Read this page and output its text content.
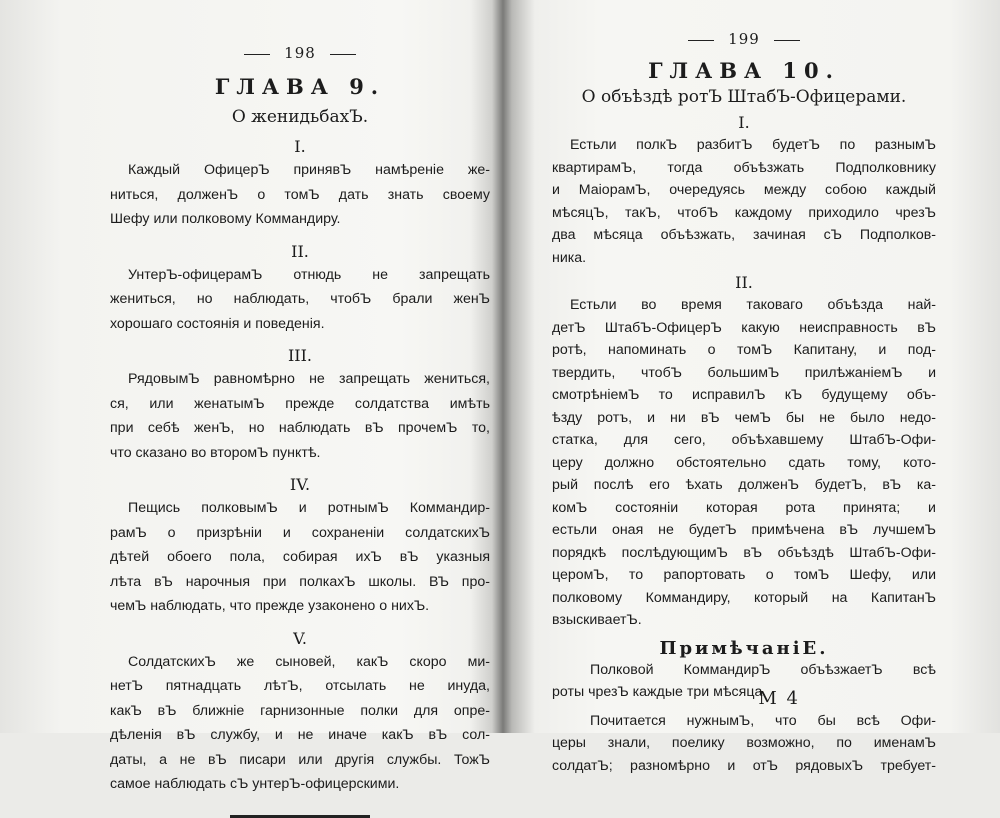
198
ГЛАВА 9.
О женидьбахЪ.
I.
Каждый ОфицерЪ принявЪ намѣреніе же-
ниться, долженЪ о томЪ дать знать своему
Шефу или полковому Коммандиру.
II.
УнтерЪ-офицерамЪ отнюдь не запрещать
жениться, но наблюдать, чтобЪ брали женЪ
хорошаго состоянія и поведенія.
III.
РядовымЪ равномѣрно не запрещать жениться,
ся, или женатымЪ прежде солдатства имѣть
при себѣ женЪ, но наблюдать вЪ прочемЪ то,
что сказано во второмЪ пунктѣ.
IV.
Пещись полковымЪ и ротнымЪ Коммандир-
рамЪ о призрѣніи и сохраненіи солдатскихЪ
дѣтей обоего пола, собирая ихЪ вЪ указныя
лѣта вЪ нарочныя при полкахЪ школы. ВЪ про-
чемЪ наблюдать, что прежде узаконено о нихЪ.
V.
СолдатскихЪ же сыновей, какЪ скоро ми-
нетЪ пятнадцать лѣтЪ, отсылать не инуда,
какЪ вЪ ближніе гарнизонные полки для опре-
дѣленія вЪ службу, и не иначе какЪ вЪ сол-
даты, а не вЪ писари или другія службы. ТожЪ
самое наблюдать сЪ унтерЪ-офицерскими.
199
ГЛАВА 10.
О объѣздѣ ротЪ ШтабЪ-Офицерами.
I.
Естьли полкЪ разбитЪ будетЪ по разнымЪ
квартирамЪ, тогда объѣзжать Подполковнику
и МаіорамЪ, очередуясь между собою каждый
мѣсяцЪ, такЪ, чтобЪ каждому приходило чрезЪ
два мѣсяца объѣзжать, зачиная сЪ Подполков-
ника.
II.
Естьли во время таковаго объѣзда най-
детЪ ШтабЪ-ОфицерЪ какую неисправность вЪ
ротѣ, напоминать о томЪ Капитану, и под-
твердить, чтобЪ большимЪ прилѣжаніемЪ и
смотрѣніемЪ то исправилЪ кЪ будущему объ-
ѣзду ротъ, и ни вЪ чемЪ бы не было недо-
статка, для сего, объѣхавшему ШтабЪ-Офи-
церу должно обстоятельно сдать тому, кото-
рый послѣ его ѣхать долженЪ будетЪ, вЪ ка-
комЪ состояніи которая рота принята; и
естьли оная не будетЪ примѣчена вЪ лучшемЪ
порядкѣ послѣдующимЪ вЪ объѣздѣ ШтабЪ-Офи-
церомЪ, то рапортовать о томЪ Шефу, или
полковому Коммандиру, который на КапитанЪ
взыскиваетЪ.
ПримѣчаніЕ.
Полковой КоммандирЪ объѣзжаетЪ всѣ
роты чрезЪ каждые три мѣсяца.
Почитается нужнымЪ, что бы всѣ Офи-
церы знали, поелику возможно, по именамЪ
солдатЪ; разномѣрно и отЪ рядовыхЪ требует-
М 4
